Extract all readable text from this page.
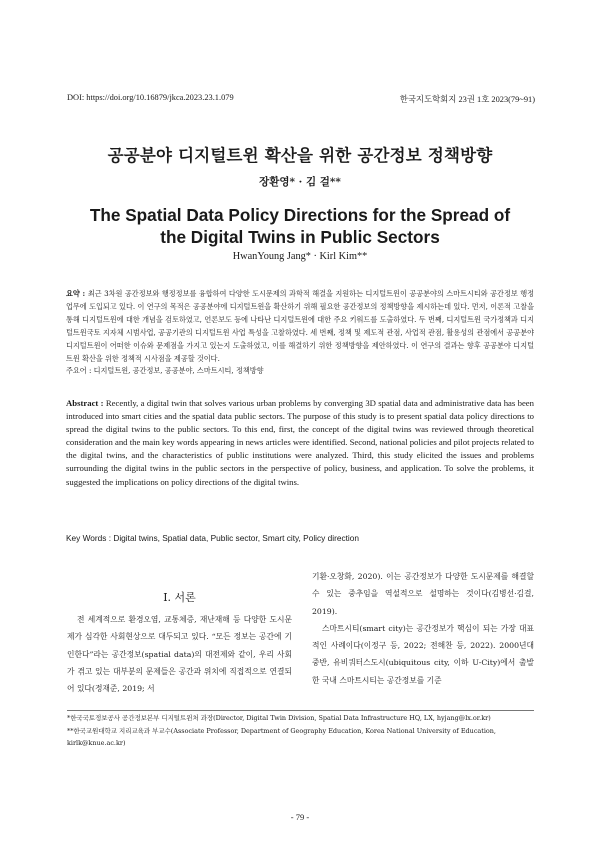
DOI: https://doi.org/10.16879/jkca.2023.23.1.079	한국지도학회지 23권 1호 2023(79~91)
공공분야 디지털트윈 확산을 위한 공간정보 정책방향
장환영* · 김 걸**
The Spatial Data Policy Directions for the Spread of
the Digital Twins in Public Sectors
HwanYoung Jang* · Kirl Kim**
요약 : 최근 3차원 공간정보와 행정정보를 융합하여 다양한 도시문제의 과학적 해결을 지원하는 디지털트윈이 공공분야의 스마트시티와 공간정보 행정업무에 도입되고 있다. 이 연구의 목적은 공공분야에 디지털트윈을 확산하기 위해 필요한 공간정보의 정책방향을 제시하는데 있다. 먼저, 이론적 고찰을 통해 디지털트윈에 대한 개념을 검토하였고, 언론보도 등에 나타난 디지털트윈에 대한 주요 키워드를 도출하였다. 두 번째, 디지털트윈 국가정책과 디지털트윈국토 지자체 시범사업, 공공기관의 디지털트윈 사업 특성을 고찰하였다. 세 번째, 정책 및 제도적 관점, 사업적 관점, 활용성의 관점에서 공공분야 디지털트윈이 어떠한 이슈와 문제점을 가지고 있는지 도출하였고, 이를 해결하기 위한 정책방향을 제안하였다. 이 연구의 결과는 향후 공공분야 디지털트윈 확산을 위한 정책적 시사점을 제공할 것이다.
주요어 : 디지털트윈, 공간정보, 공공분야, 스마트시티, 정책방향
Abstract : Recently, a digital twin that solves various urban problems by converging 3D spatial data and administrative data has been introduced into smart cities and the spatial data public sectors. The purpose of this study is to present spatial data policy directions to spread the digital twins to the public sectors. To this end, first, the concept of the digital twins was reviewed through theoretical consideration and the main key words appearing in news articles were identified. Second, national policies and pilot projects related to the digital twins, and the characteristics of public institutions were analyzed. Third, this study elicited the issues and problems surrounding the digital twins in the public sectors in the perspective of policy, business, and application. To solve the problems, it suggested the implications on policy directions of the digital twins.
Key Words : Digital twins, Spatial data, Public sector, Smart city, Policy direction

I. 서론

전 세계적으로 환경오염, 교통체증, 재난재해 등 다양한 도시문제가 심각한 사회현상으로 대두되고 있다. “모든 정보는 공간에 기인한다”라는 공간정보(spatial data)의 대전제와 같이, 우리 사회가 겪고 있는 대부분의 문제들은 공간과 위치에 직접적으로 연결되어 있다(정재준, 2019; 서

기환·오창화, 2020). 이는 공간정보가 다양한 도시문제를 해결할 수 있는 중추임을 역설적으로 설명하는 것이다(김병선·김걸, 2019).

스마트시티(smart city)는 공간정보가 핵심이 되는 가장 대표적인 사례이다(이정구 등, 2022; 전해찬 등, 2022). 2000년대 중반, 유비쿼터스도시(ubiquitous city, 이하 U-City)에서 출발한 국내 스마트시티는 공간정보를 기준

*한국국토정보공사 공간정보본부 디지털트윈처 과장(Director, Digital Twin Division, Spatial Data Infrastructure HQ, LX, hyjang@lx.or.kr)

**한국교원대학교 지리교육과 부교수(Associate Professor, Department of Geography Education, Korea National University of Education, kirlk@knue.ac.kr)

- 79 -
